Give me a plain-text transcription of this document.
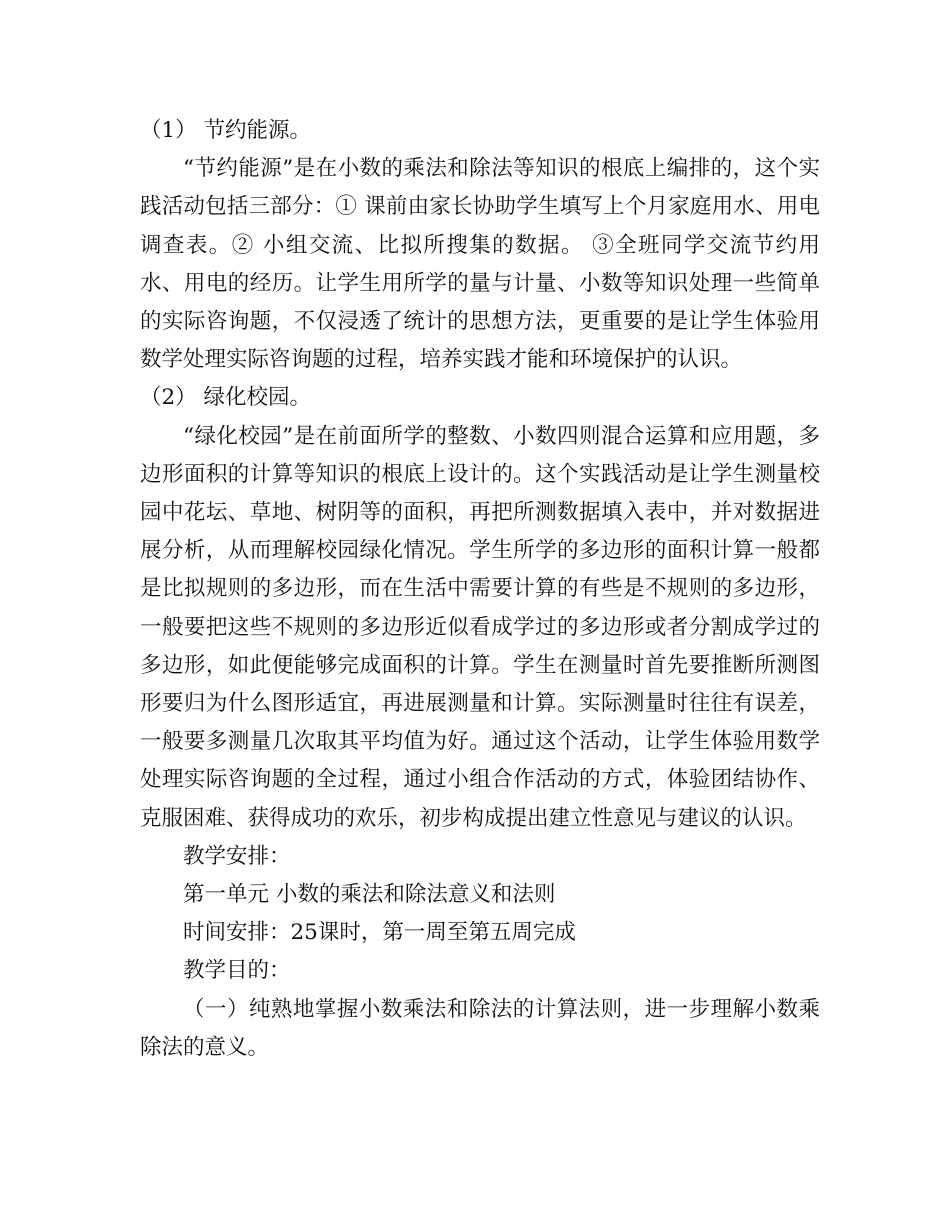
（1） 节约能源。

“节约能源”是在小数的乘法和除法等知识的根底上编排的，这个实践活动包括三部分：① 课前由家长协助学生填写上个月家庭用水、用电调查表。② 小组交流、比拟所搜集的数据。 ③全班同学交流节约用水、用电的经历。让学生用所学的量与计量、小数等知识处理一些简单的实际咨询题，不仅浸透了统计的思想方法，更重要的是让学生体验用数学处理实际咨询题的过程，培养实践才能和环境保护的认识。

（2） 绿化校园。

“绿化校园”是在前面所学的整数、小数四则混合运算和应用题，多边形面积的计算等知识的根底上设计的。这个实践活动是让学生测量校园中花坛、草地、树阴等的面积，再把所测数据填入表中，并对数据进展分析，从而理解校园绿化情况。学生所学的多边形的面积计算一般都是比拟规则的多边形，而在生活中需要计算的有些是不规则的多边形，一般要把这些不规则的多边形近似看成学过的多边形或者分割成学过的多边形，如此便能够完成面积的计算。学生在测量时首先要推断所测图形要归为什么图形适宜，再进展测量和计算。实际测量时往往有误差，一般要多测量几次取其平均值为好。通过这个活动，让学生体验用数学处理实际咨询题的全过程，通过小组合作活动的方式，体验团结协作、克服困难、获得成功的欢乐，初步构成提出建立性意见与建议的认识。

教学安排：

第一单元 小数的乘法和除法意义和法则

时间安排：25课时，第一周至第五周完成

教学目的：

（一）纯熟地掌握小数乘法和除法的计算法则，进一步理解小数乘除法的意义。
